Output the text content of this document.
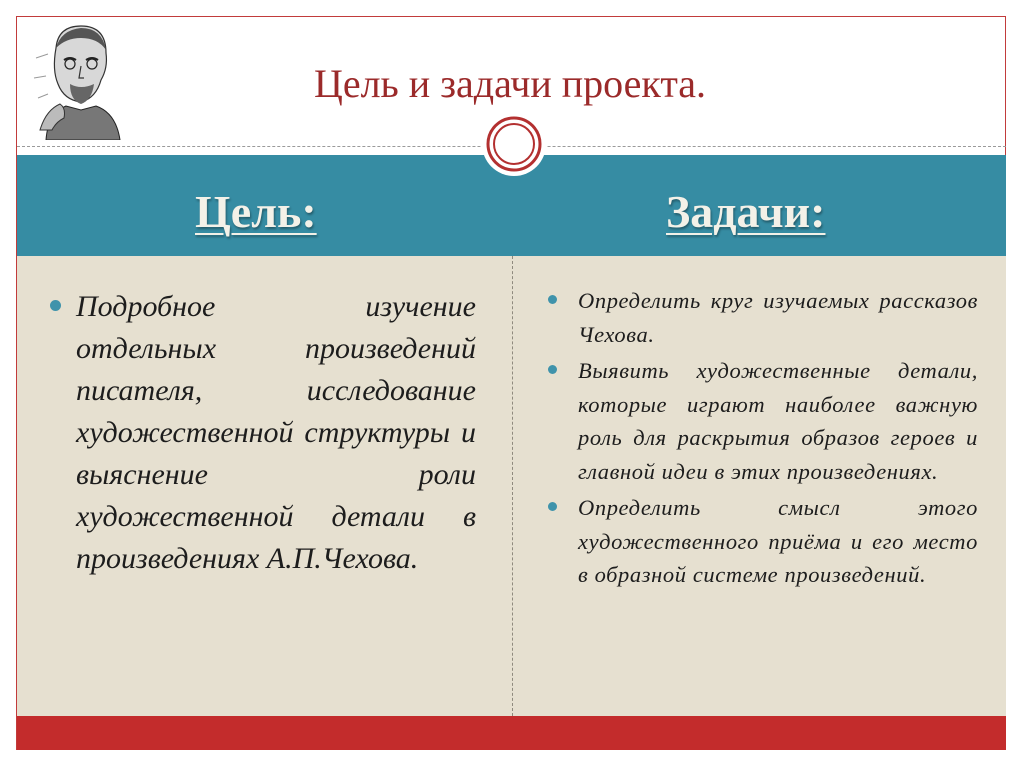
Цель и задачи проекта.
Цель:	Задачи:
Подробное изучение отдельных произведений писателя, исследование художественной структуры и выяснение роли художественной детали в произведениях А.П.Чехова.
Определить круг изучаемых рассказов Чехова.
Выявить художественные детали, которые играют наиболее важную роль для раскрытия образов героев и главной идеи в этих произведениях.
Определить смысл этого художественного приёма и его место в образной системе произведений.
